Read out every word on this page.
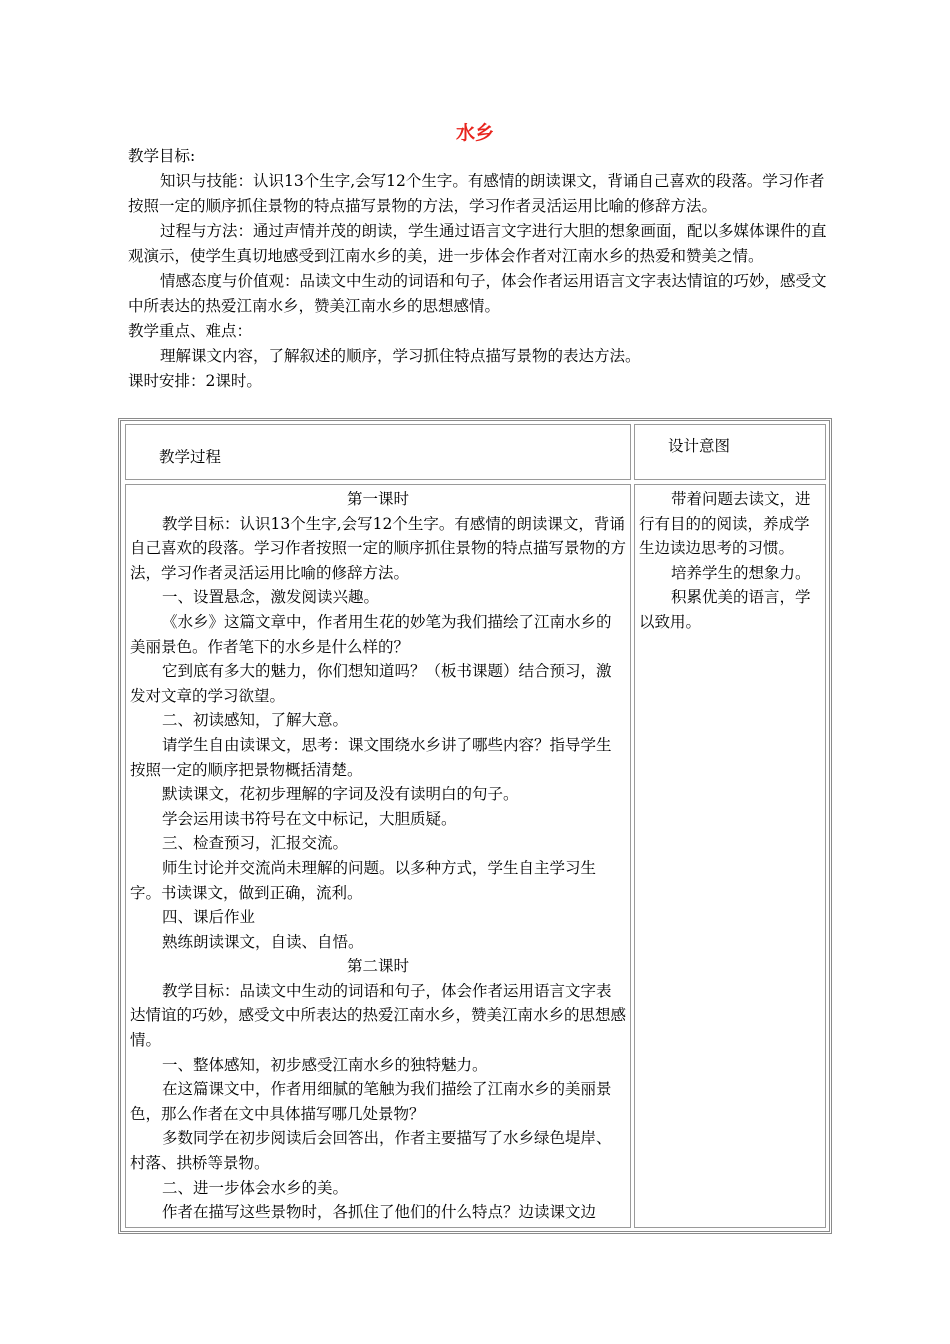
水乡

教学目标:

知识与技能：认识13个生字,会写12个生字。有感情的朗读课文，背诵自己喜欢的段落。学习作者按照一定的顺序抓住景物的特点描写景物的方法，学习作者灵活运用比喻的修辞方法。

过程与方法：通过声情并茂的朗读，学生通过语言文字进行大胆的想象画面，配以多媒体课件的直观演示，使学生真切地感受到江南水乡的美，进一步体会作者对江南水乡的热爱和赞美之情。

情感态度与价值观：品读文中生动的词语和句子，体会作者运用语言文字表达情谊的巧妙，感受文中所表达的热爱江南水乡，赞美江南水乡的思想感情。

教学重点、难点：

理解课文内容，了解叙述的顺序，学习抓住特点描写景物的表达方法。

课时安排：2课时。

教学过程
设计意图

第一课时

教学目标：认识13个生字,会写12个生字。有感情的朗读课文，背诵自己喜欢的段落。学习作者按照一定的顺序抓住景物的特点描写景物的方法，学习作者灵活运用比喻的修辞方法。

一、设置悬念，激发阅读兴趣。

《水乡》这篇文章中，作者用生花的妙笔为我们描绘了江南水乡的美丽景色。作者笔下的水乡是什么样的？

它到底有多大的魅力，你们想知道吗？（板书课题）结合预习，激发对文章的学习欲望。

二、初读感知，了解大意。

请学生自由读课文，思考：课文围绕水乡讲了哪些内容？指导学生按照一定的顺序把景物概括清楚。

默读课文，花初步理解的字词及没有读明白的句子。

学会运用读书符号在文中标记，大胆质疑。

三、检查预习，汇报交流。

师生讨论并交流尚未理解的问题。以多种方式，学生自主学习生字。书读课文，做到正确，流利。

四、课后作业

熟练朗读课文，自读、自悟。

第二课时

教学目标：品读文中生动的词语和句子，体会作者运用语言文字表达情谊的巧妙，感受文中所表达的热爱江南水乡，赞美江南水乡的思想感情。

一、整体感知，初步感受江南水乡的独特魅力。

在这篇课文中，作者用细腻的笔触为我们描绘了江南水乡的美丽景色，那么作者在文中具体描写哪几处景物？

多数同学在初步阅读后会回答出，作者主要描写了水乡绿色堤岸、村落、拱桥等景物。

二、进一步体会水乡的美。

作者在描写这些景物时，各抓住了他们的什么特点？边读课文边

带着问题去读文，进行有目的的阅读，养成学生边读边思考的习惯。

培养学生的想象力。

积累优美的语言，学以致用。
